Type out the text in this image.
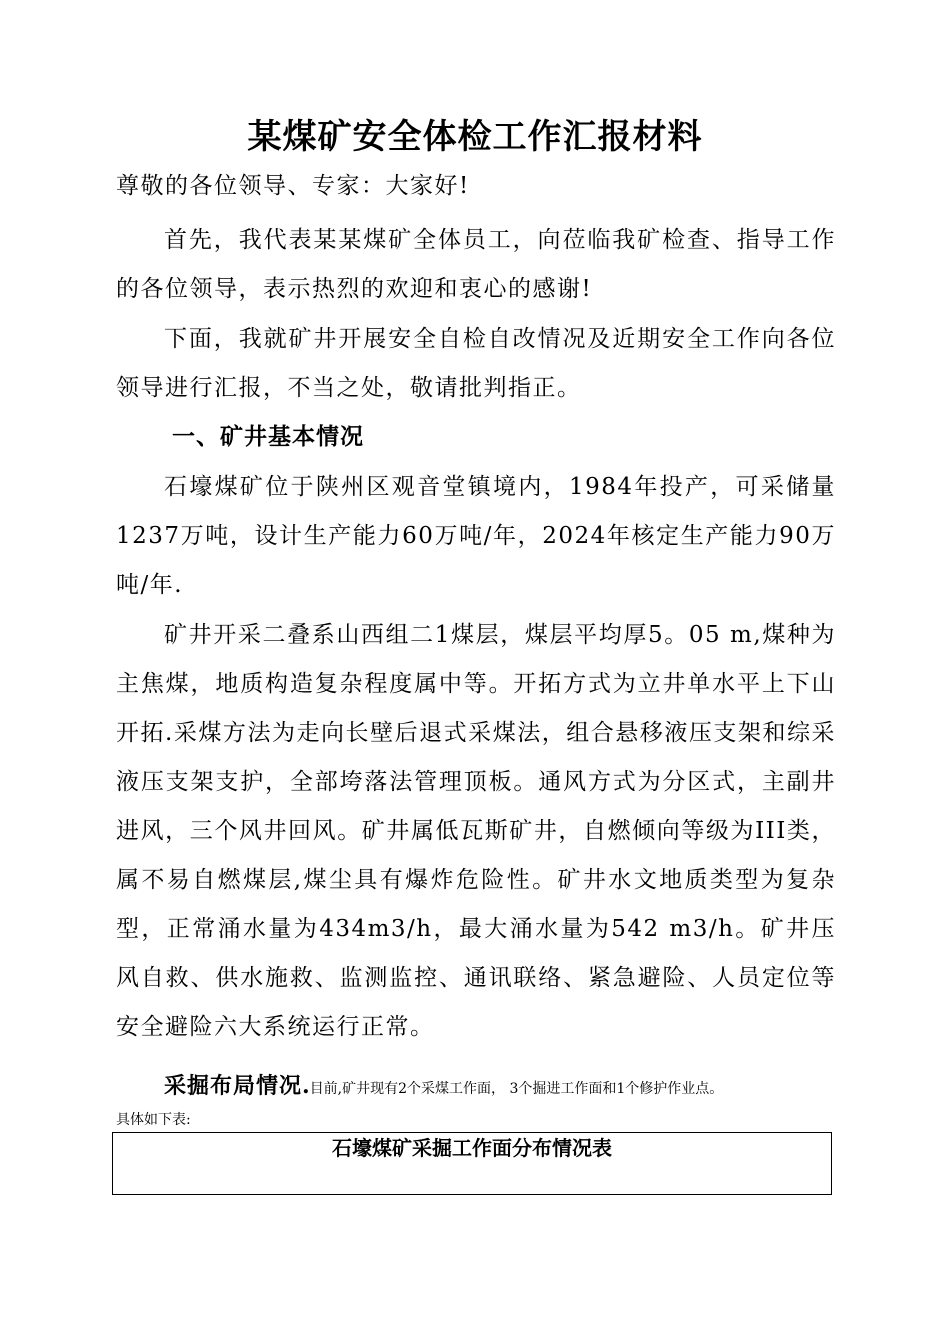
某煤矿安全体检工作汇报材料
尊敬的各位领导、专家：大家好!
首先，我代表某某煤矿全体员工，向莅临我矿检查、指导工作的各位领导，表示热烈的欢迎和衷心的感谢!
下面，我就矿井开展安全自检自改情况及近期安全工作向各位领导进行汇报，不当之处，敬请批判指正。
一、矿井基本情况
石壕煤矿位于陕州区观音堂镇境内，1984年投产，可采储量1237万吨，设计生产能力60万吨/年，2024年核定生产能力90万吨/年.
矿井开采二叠系山西组二1煤层，煤层平均厚5。05 m,煤种为主焦煤，地质构造复杂程度属中等。开拓方式为立井单水平上下山开拓.采煤方法为走向长壁后退式采煤法，组合悬移液压支架和综采液压支架支护，全部垮落法管理顶板。通风方式为分区式，主副井进风，三个风井回风。矿井属低瓦斯矿井，自燃倾向等级为III类，属不易自燃煤层,煤尘具有爆炸危险性。矿井水文地质类型为复杂型，正常涌水量为434m3/h，最大涌水量为542 m3/h。矿井压风自救、供水施救、监测监控、通讯联络、紧急避险、人员定位等安全避险六大系统运行正常。
采掘布局情况.目前,矿井现有2个采煤工作面， 3个掘进工作面和1个修护作业点。
具体如下表:
石壕煤矿采掘工作面分布情况表
